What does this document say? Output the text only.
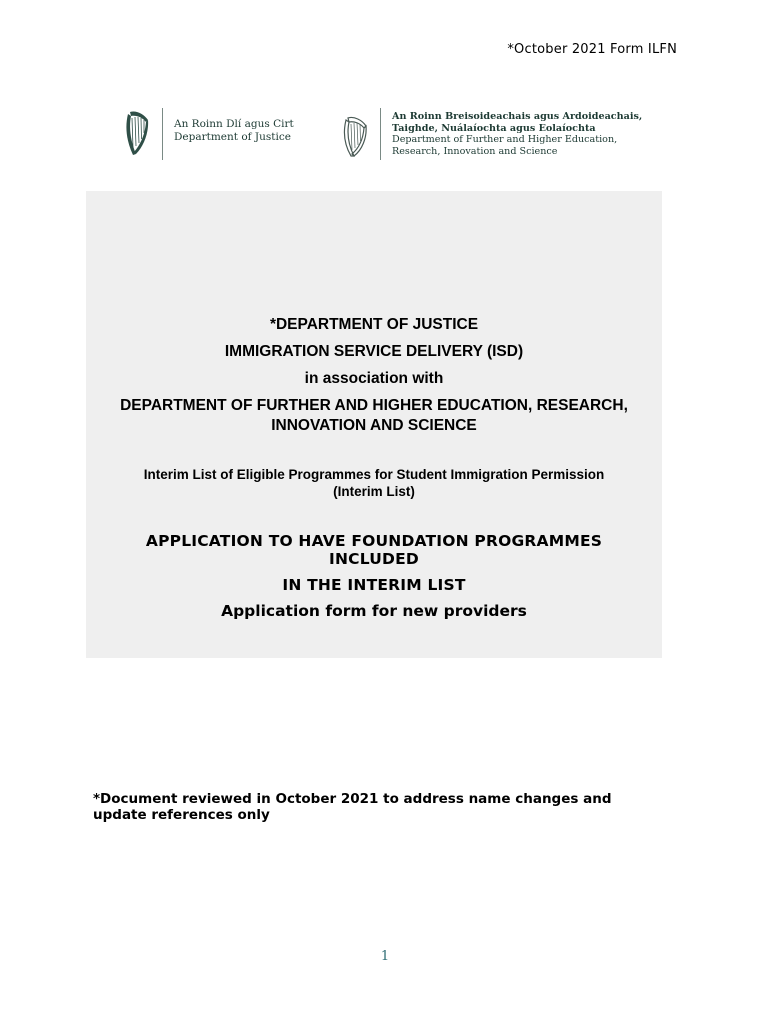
*October 2021 Form ILFN
An Roinn Dlí agus Cirt
Department of Justice
An Roinn Breisoideachais agus Ardoideachais,
Taighde, Nuálaíochta agus Eolaíochta
Department of Further and Higher Education,
Research, Innovation and Science
*DEPARTMENT OF JUSTICE
IMMIGRATION SERVICE DELIVERY (ISD)
in association with
DEPARTMENT OF FURTHER AND HIGHER EDUCATION, RESEARCH, INNOVATION AND SCIENCE
Interim List of Eligible Programmes for Student Immigration Permission
(Interim List)
APPLICATION TO HAVE FOUNDATION PROGRAMMES INCLUDED
IN THE INTERIM LIST
Application form for new providers
*Document reviewed in October 2021 to address name changes and update references only
1
